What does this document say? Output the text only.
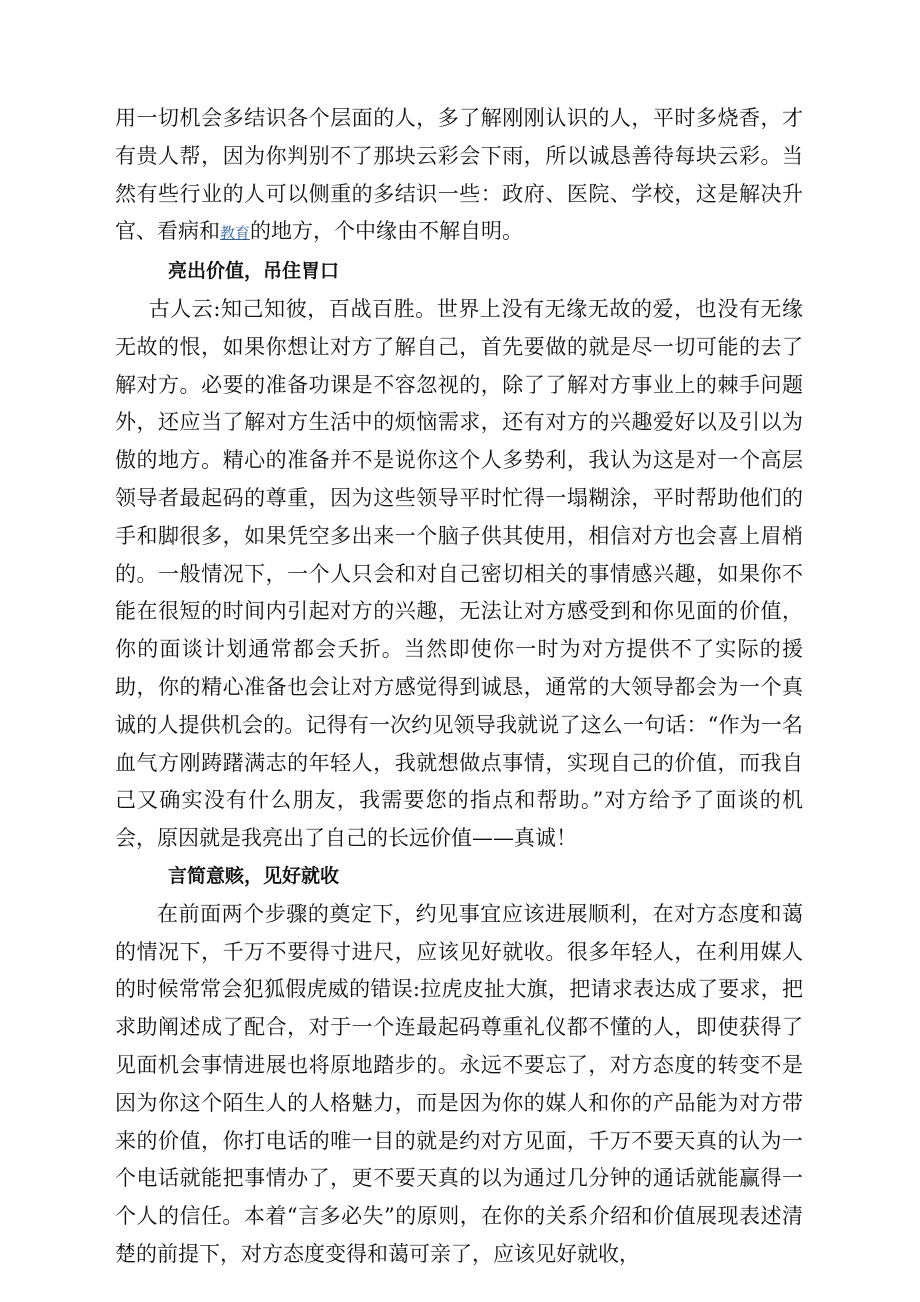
用一切机会多结识各个层面的人，多了解刚刚认识的人，平时多烧香，才有贵人帮，因为你判别不了那块云彩会下雨，所以诚恳善待每块云彩。当然有些行业的人可以侧重的多结识一些：政府、医院、学校，这是解决升官、看病和教育的地方，个中缘由不解自明。

亮出价值，吊住胃口

古人云:知己知彼，百战百胜。世界上没有无缘无故的爱，也没有无缘无故的恨，如果你想让对方了解自己，首先要做的就是尽一切可能的去了解对方。必要的准备功课是不容忽视的，除了了解对方事业上的棘手问题外，还应当了解对方生活中的烦恼需求，还有对方的兴趣爱好以及引以为傲的地方。精心的准备并不是说你这个人多势利，我认为这是对一个高层领导者最起码的尊重，因为这些领导平时忙得一塌糊涂，平时帮助他们的手和脚很多，如果凭空多出来一个脑子供其使用，相信对方也会喜上眉梢的。一般情况下，一个人只会和对自己密切相关的事情感兴趣，如果你不能在很短的时间内引起对方的兴趣，无法让对方感受到和你见面的价值，你的面谈计划通常都会夭折。当然即使你一时为对方提供不了实际的援助，你的精心准备也会让对方感觉得到诚恳，通常的大领导都会为一个真诚的人提供机会的。记得有一次约见领导我就说了这么一句话：“作为一名血气方刚踌躇满志的年轻人，我就想做点事情，实现自己的价值，而我自己又确实没有什么朋友，我需要您的指点和帮助。”对方给予了面谈的机会，原因就是我亮出了自己的长远价值——真诚！

言简意赅，见好就收

在前面两个步骤的奠定下，约见事宜应该进展顺利，在对方态度和蔼的情况下，千万不要得寸进尺，应该见好就收。很多年轻人，在利用媒人的时候常常会犯狐假虎威的错误:拉虎皮扯大旗，把请求表达成了要求，把求助阐述成了配合，对于一个连最起码尊重礼仪都不懂的人，即使获得了见面机会事情进展也将原地踏步的。永远不要忘了，对方态度的转变不是因为你这个陌生人的人格魅力，而是因为你的媒人和你的产品能为对方带来的价值，你打电话的唯一目的就是约对方见面，千万不要天真的认为一个电话就能把事情办了，更不要天真的以为通过几分钟的通话就能赢得一个人的信任。本着“言多必失”的原则，在你的关系介绍和价值展现表述清楚的前提下，对方态度变得和蔼可亲了，应该见好就收，
